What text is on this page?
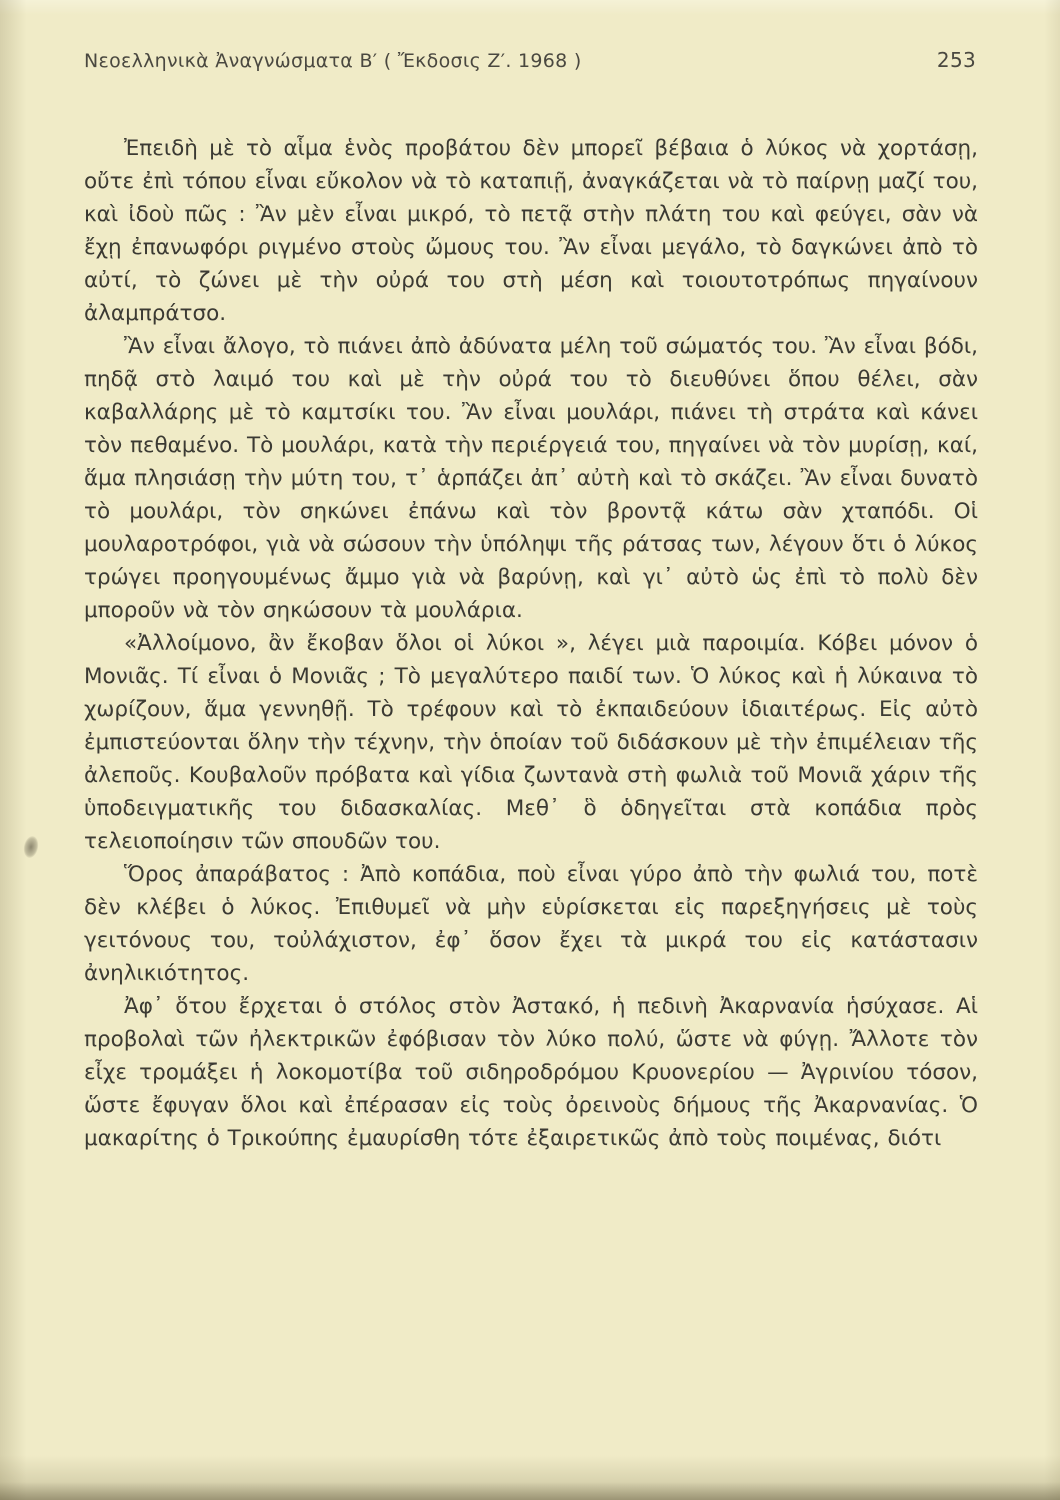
Νεοελληνικὰ Ἀναγνώσματα Β′ ( Ἔκδοσις Ζ′. 1968 )	253

Ἐπειδὴ μὲ τὸ αἷμα ἑνὸς προβάτου δὲν μπορεῖ βέβαια ὁ λύκος νὰ χορτάσῃ, οὔτε ἐπὶ τόπου εἶναι εὔκολον νὰ τὸ καταπιῇ, ἀναγκάζεται νὰ τὸ παίρνῃ μαζί του, καὶ ἰδοὺ πῶς : Ἂν μὲν εἶναι μικρό, τὸ πετᾷ στὴν πλάτη του καὶ φεύγει, σὰν νὰ ἔχῃ ἐπανωφόρι ριγμένο στοὺς ὤμους του. Ἂν εἶναι μεγάλο, τὸ δαγκώνει ἀπὸ τὸ αὐτί, τὸ ζώνει μὲ τὴν οὐρά του στὴ μέση καὶ τοιουτοτρόπως πηγαίνουν ἀλαμπράτσο.

Ἂν εἶναι ἄλογο, τὸ πιάνει ἀπὸ ἀδύνατα μέλη τοῦ σώματός του. Ἂν εἶναι βόδι, πηδᾷ στὸ λαιμό του καὶ μὲ τὴν οὐρά του τὸ διευθύνει ὅπου θέλει, σὰν καβαλλάρης μὲ τὸ καμτσίκι του. Ἂν εἶναι μουλάρι, πιάνει τὴ στράτα καὶ κάνει τὸν πεθαμένο. Τὸ μουλάρι, κατὰ τὴν περιέργειά του, πηγαίνει νὰ τὸν μυρίσῃ, καί, ἅμα πλησιάσῃ τὴν μύτη του, τ᾽ ἁρπάζει ἀπ᾽ αὐτὴ καὶ τὸ σκάζει. Ἂν εἶναι δυνατὸ τὸ μουλάρι, τὸν σηκώνει ἐπάνω καὶ τὸν βροντᾷ κάτω σὰν χταπόδι. Οἱ μουλαροτρόφοι, γιὰ νὰ σώσουν τὴν ὑπόληψι τῆς ράτσας των, λέγουν ὅτι ὁ λύκος τρώγει προηγουμένως ἄμμο γιὰ νὰ βαρύνῃ, καὶ γι᾽ αὐτὸ ὡς ἐπὶ τὸ πολὺ δὲν μποροῦν νὰ τὸν σηκώσουν τὰ μουλάρια.

«Ἀλλοίμονο, ἂν ἔκοβαν ὅλοι οἱ λύκοι », λέγει μιὰ παροιμία. Κόβει μόνον ὁ Μονιᾶς. Τί εἶναι ὁ Μονιᾶς ; Τὸ μεγαλύτερο παιδί των. Ὁ λύκος καὶ ἡ λύκαινα τὸ χωρίζουν, ἅμα γεννηθῇ. Τὸ τρέφουν καὶ τὸ ἐκπαιδεύουν ἰδιαιτέρως. Εἰς αὐτὸ ἐμπιστεύονται ὅλην τὴν τέχνην, τὴν ὁποίαν τοῦ διδάσκουν μὲ τὴν ἐπιμέλειαν τῆς ἀλεποῦς. Κουβαλοῦν πρόβατα καὶ γίδια ζωντανὰ στὴ φωλιὰ τοῦ Μονιᾶ χάριν τῆς ὑποδειγματικῆς του διδασκαλίας. Μεθ᾽ ὃ ὁδηγεῖται στὰ κοπάδια πρὸς τελειοποίησιν τῶν σπουδῶν του.

Ὅρος ἀπαράβατος : Ἀπὸ κοπάδια, ποὺ εἶναι γύρο ἀπὸ τὴν φωλιά του, ποτὲ δὲν κλέβει ὁ λύκος. Ἐπιθυμεῖ νὰ μὴν εὑρίσκεται εἰς παρεξηγήσεις μὲ τοὺς γειτόνους του, τοὐλάχιστον, ἐφ᾽ ὅσον ἔχει τὰ μικρά του εἰς κατάστασιν ἀνηλικιότητος.

Ἀφ᾽ ὅτου ἔρχεται ὁ στόλος στὸν Ἀστακό, ἡ πεδινὴ Ἀκαρνανία ἡσύχασε. Αἱ προβολαὶ τῶν ἠλεκτρικῶν ἐφόβισαν τὸν λύκο πολύ, ὥστε νὰ φύγῃ. Ἄλλοτε τὸν εἶχε τρομάξει ἡ λοκομοτίβα τοῦ σιδηροδρόμου Κρυονερίου — Ἀγρινίου τόσον, ὥστε ἔφυγαν ὅλοι καὶ ἐπέρασαν εἰς τοὺς ὀρεινοὺς δήμους τῆς Ἀκαρνανίας. Ὁ μακαρίτης ὁ Τρικούπης ἐμαυρίσθη τότε ἐξαιρετικῶς ἀπὸ τοὺς ποιμένας, διότι
